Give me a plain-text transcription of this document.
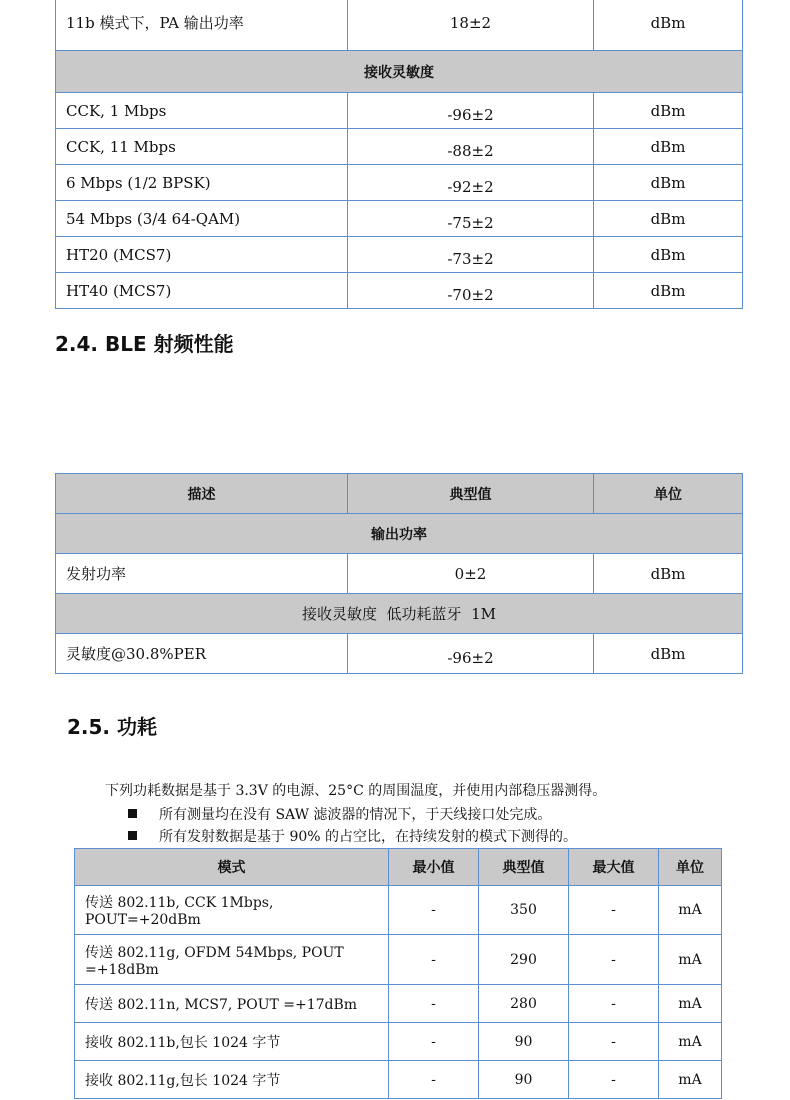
11b 模式下，PA 输出功率	18±2	dBm
接收灵敏度		
CCK, 1 Mbps	-96±2	dBm
CCK, 11 Mbps	-88±2	dBm
6 Mbps (1/2 BPSK)	-92±2	dBm
54 Mbps (3/4 64-QAM)	-75±2	dBm
HT20 (MCS7)	-73±2	dBm
HT40 (MCS7)	-70±2	dBm
2.4. BLE 射频性能
描述	典型值	单位
输出功率		
发射功率	0±2	dBm
接收灵敏度  低功耗蓝牙  1M		
灵敏度@30.8%PER	-96±2	dBm
2.5. 功耗

下列功耗数据是基于 3.3V 的电源、25°C 的周围温度，并使用内部稳压器测得。

所有测量均在没有 SAW 滤波器的情况下，于天线接口处完成。

所有发射数据是基于 90% 的占空比，在持续发射的模式下测得的。

模式	最小值	典型值	最大值	单位

传送 802.11b, CCK 1Mbps,
POUT=+20dBm	-	350	-	mA

传送 802.11g, OFDM 54Mbps, POUT
=+18dBm	-	290	-	mA
传送 802.11n, MCS7, POUT =+17dBm	-	280	-	mA
接收 802.11b,包长 1024 字节	-	90	-	mA
接收 802.11g,包长 1024 字节	-	90	-	mA
